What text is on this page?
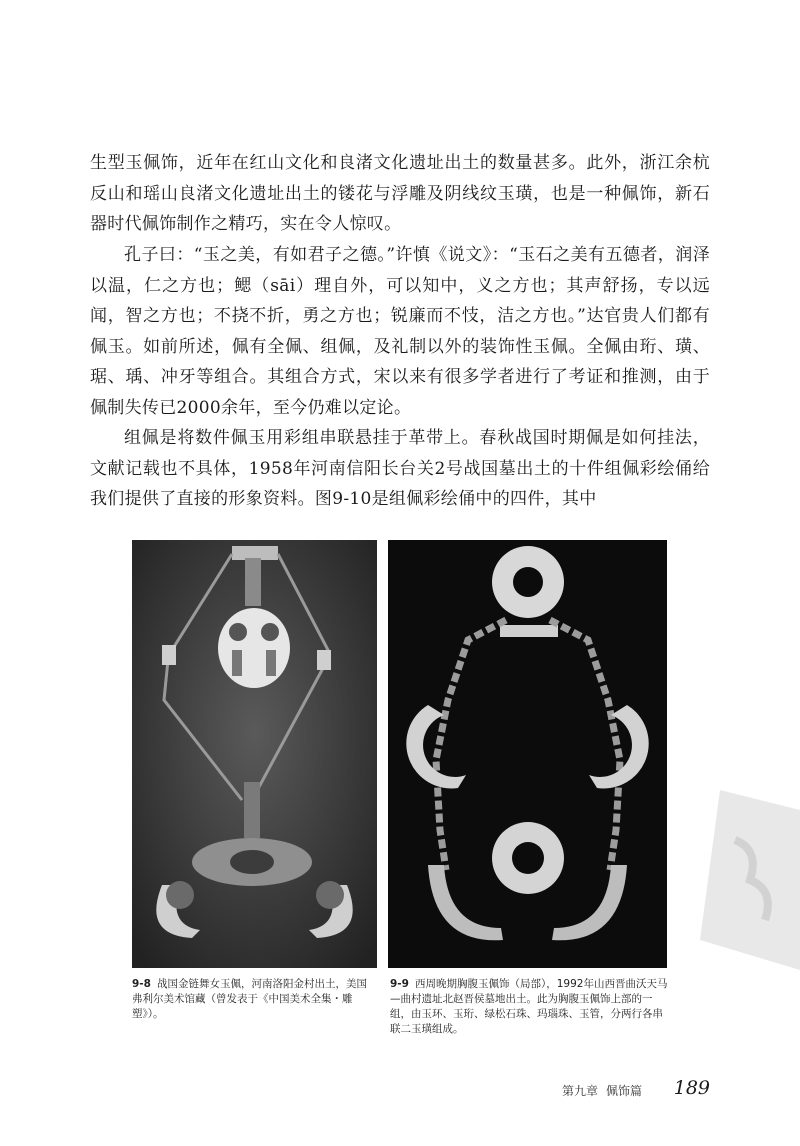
生型玉佩饰，近年在红山文化和良渚文化遗址出土的数量甚多。此外，浙江余杭反山和瑶山良渚文化遗址出土的镂花与浮雕及阴线纹玉璜，也是一种佩饰，新石器时代佩饰制作之精巧，实在令人惊叹。

孔子曰：“玉之美，有如君子之德。”许慎《说文》：“玉石之美有五德者，润泽以温，仁之方也；鳃（sāi）理自外，可以知中，义之方也；其声舒扬，专以远闻，智之方也；不挠不折，勇之方也；锐廉而不忮，洁之方也。”达官贵人们都有佩玉。如前所述，佩有全佩、组佩，及礼制以外的装饰性玉佩。全佩由珩、璜、琚、瑀、冲牙等组合。其组合方式，宋以来有很多学者进行了考证和推测，由于佩制失传已2000余年，至今仍难以定论。

组佩是将数件佩玉用彩组串联悬挂于革带上。春秋战国时期佩是如何挂法，文献记载也不具体，1958年河南信阳长台关2号战国墓出土的十件组佩彩绘俑给我们提供了直接的形象资料。图9-10是组佩彩绘俑中的四件，其中

9-8 战国金链舞女玉佩，河南洛阳金村出土，美国弗利尔美术馆藏（曾发表于《中国美术全集・雕塑》）。

9-9 西周晚期胸腹玉佩饰（局部），1992年山西晋曲沃天马—曲村遗址北赵晋侯墓地出土。此为胸腹玉佩饰上部的一组，由玉环、玉珩、绿松石珠、玛瑙珠、玉管，分两行各串联二玉璜组成。

第九章 佩饰篇	189
